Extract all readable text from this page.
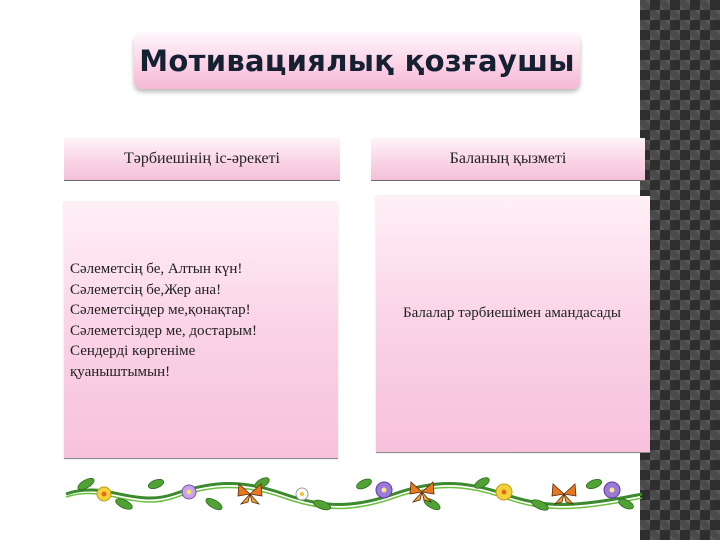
Мотивациялық қозғаушы
Тәрбиешінің іс-әрекеті	Баланың қызметі
Сәлеметсің бе, Алтын күн!
Сәлеметсің бе,Жер ана!
Сәлеметсіңдер ме,қонақтар!
Сәлеметсіздер ме, достарым!
Сендерді көргеніме
қуаныштымын!
Балалар тәрбиешімен амандасады
